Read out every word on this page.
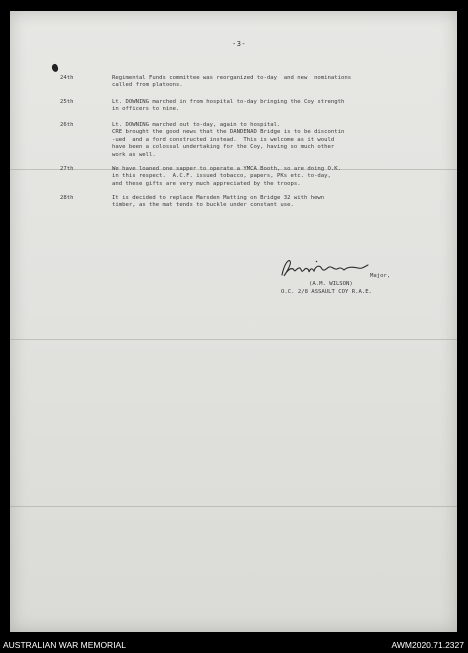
-3-
24th	Regimental Funds committee was reorganized to-day  and new  nominations
called from platoons.
25th	Lt. DOWNING marched in from hospital to-day bringing the Coy strength
in officers to nine.
26th	Lt. DOWNING marched out to-day, again to hospital.
CRE brought the good news that the DANDENAD Bridge is to be discontin
-ued  and a ford constructed instead.  This is welcome as it would
have been a colossal undertaking for the Coy, having so much other
work as well.
27th	We have loaned one sapper to operate a YMCA Booth, so are doing O.K.
in this respect.  A.C.F. issued tobacco, papers, PKs etc. to-day,
and these gifts are very much appreciated by the troops.
28th	It is decided to replace Marsden Matting on Bridge 32 with hewn
timber, as the mat tends to buckle under constant use.
Major,
(A.M. WILSON)
O.C. 2/8 ASSAULT COY R.A.E.
AUSTRALIAN WAR MEMORIAL	AWM2020.71.2327
